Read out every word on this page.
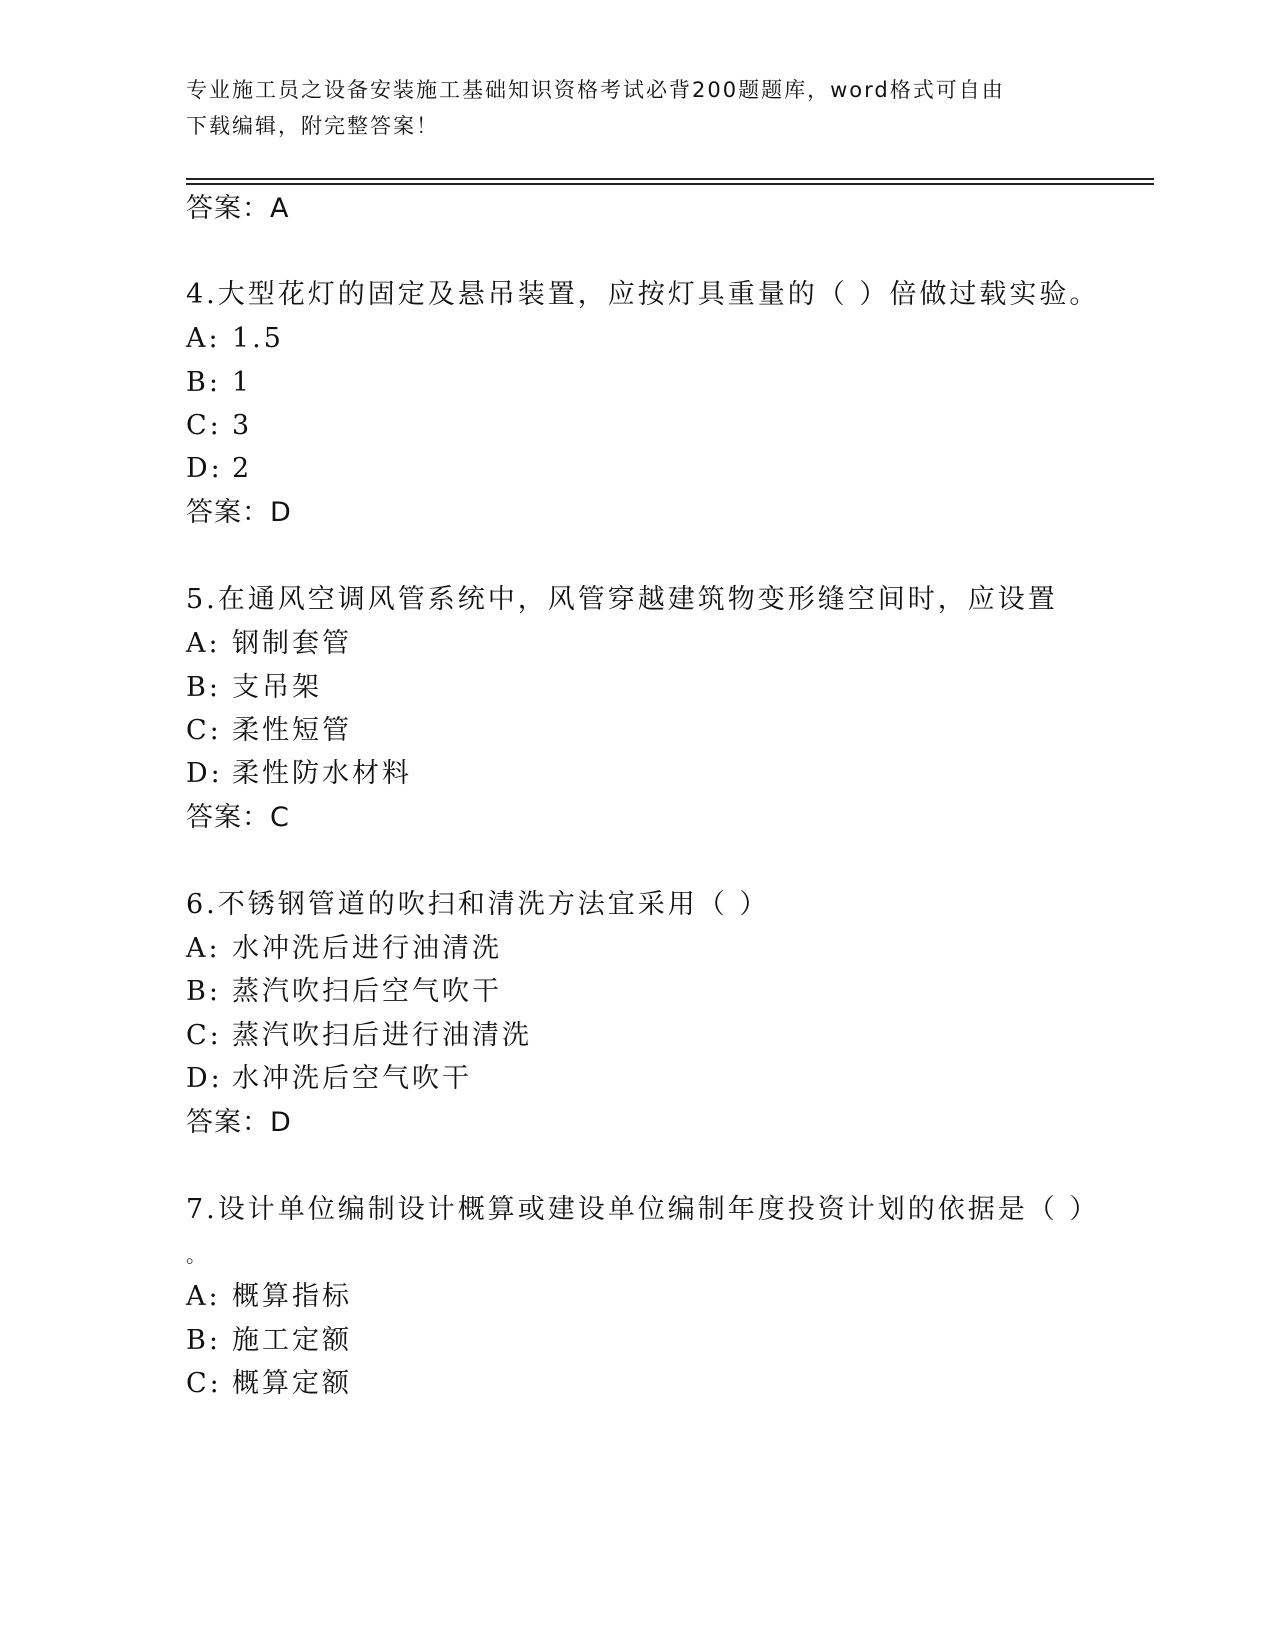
专业施工员之设备安装施工基础知识资格考试必背200题题库，word格式可自由
下载编辑，附完整答案！
答案：A
4.大型花灯的固定及悬吊装置，应按灯具重量的（ ）倍做过载实验。
A: 1.5
B: 1
C: 3
D: 2
答案：D
5.在通风空调风管系统中，风管穿越建筑物变形缝空间时，应设置
A: 钢制套管
B: 支吊架
C: 柔性短管
D: 柔性防水材料
答案：C
6.不锈钢管道的吹扫和清洗方法宜采用（ ）
A: 水冲洗后进行油清洗
B: 蒸汽吹扫后空气吹干
C: 蒸汽吹扫后进行油清洗
D: 水冲洗后空气吹干
答案：D
7.设计单位编制设计概算或建设单位编制年度投资计划的依据是（ ）
。
A: 概算指标
B: 施工定额
C: 概算定额
